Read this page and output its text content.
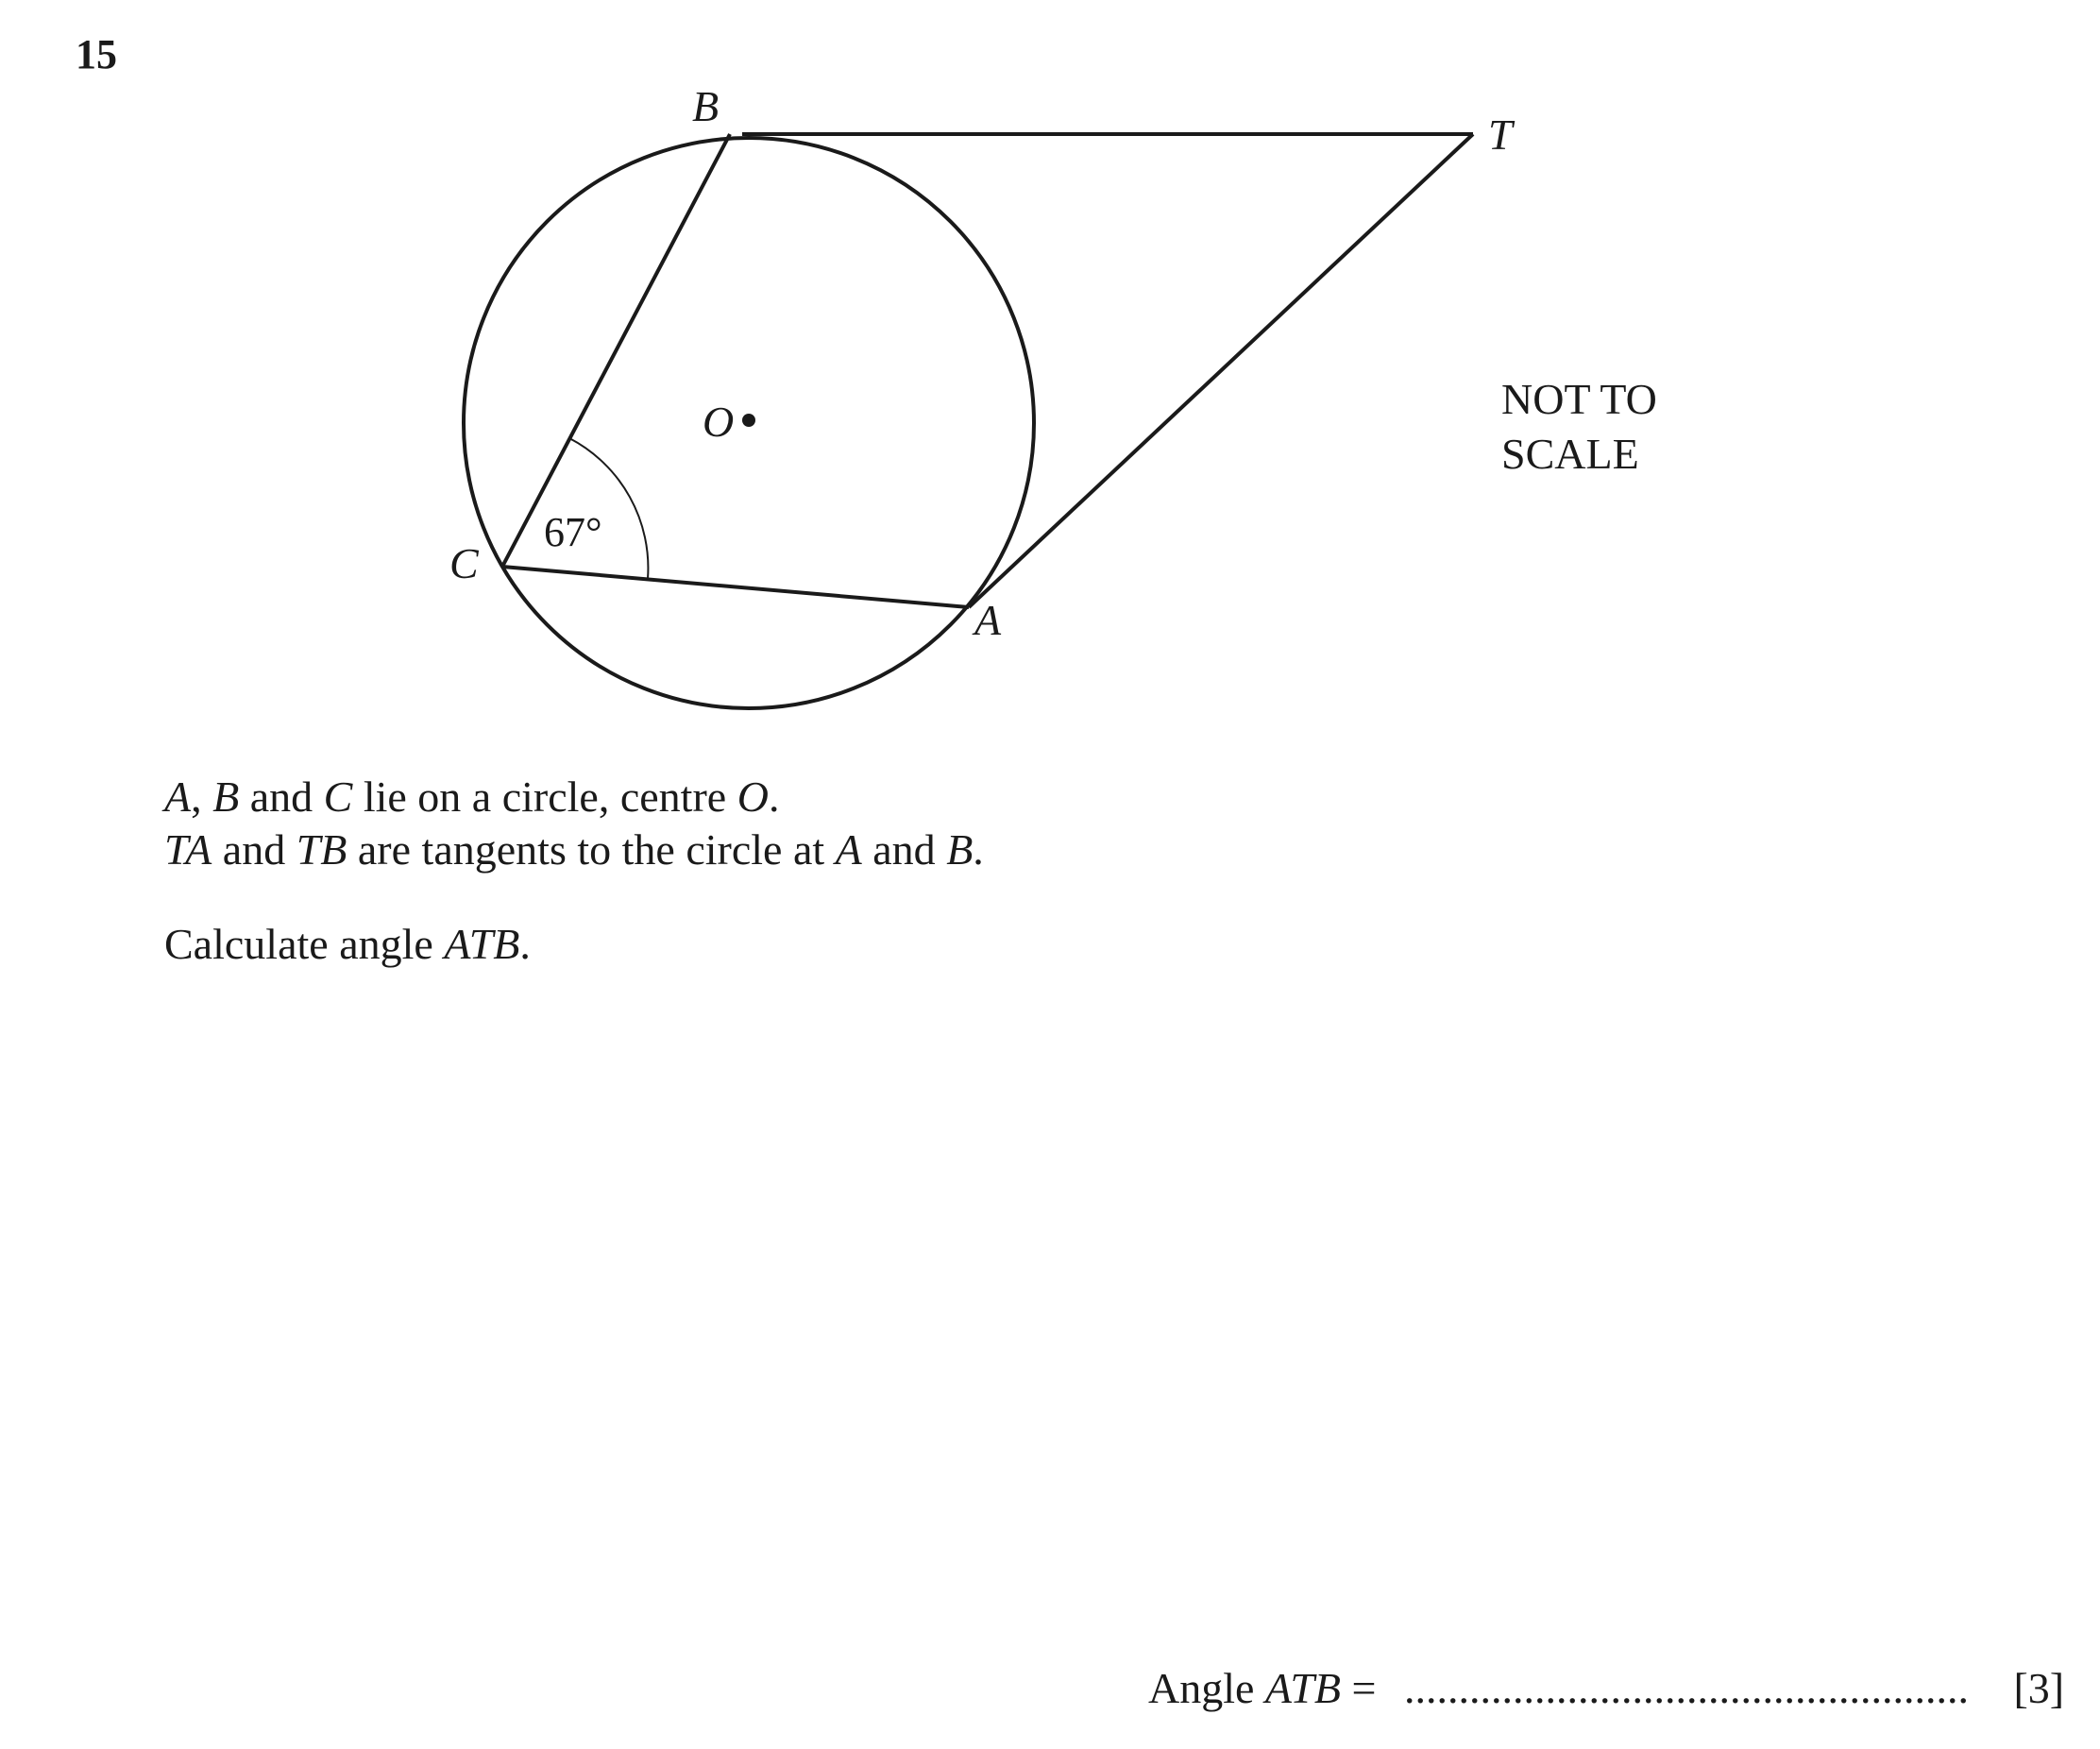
15
B
T
O
C
A
67°
NOT TO
SCALE

A, B and C lie on a circle, centre O.

TA and TB are tangents to the circle at A and B.

Calculate angle ATB.

Angle ATB = .................................................... [3]
